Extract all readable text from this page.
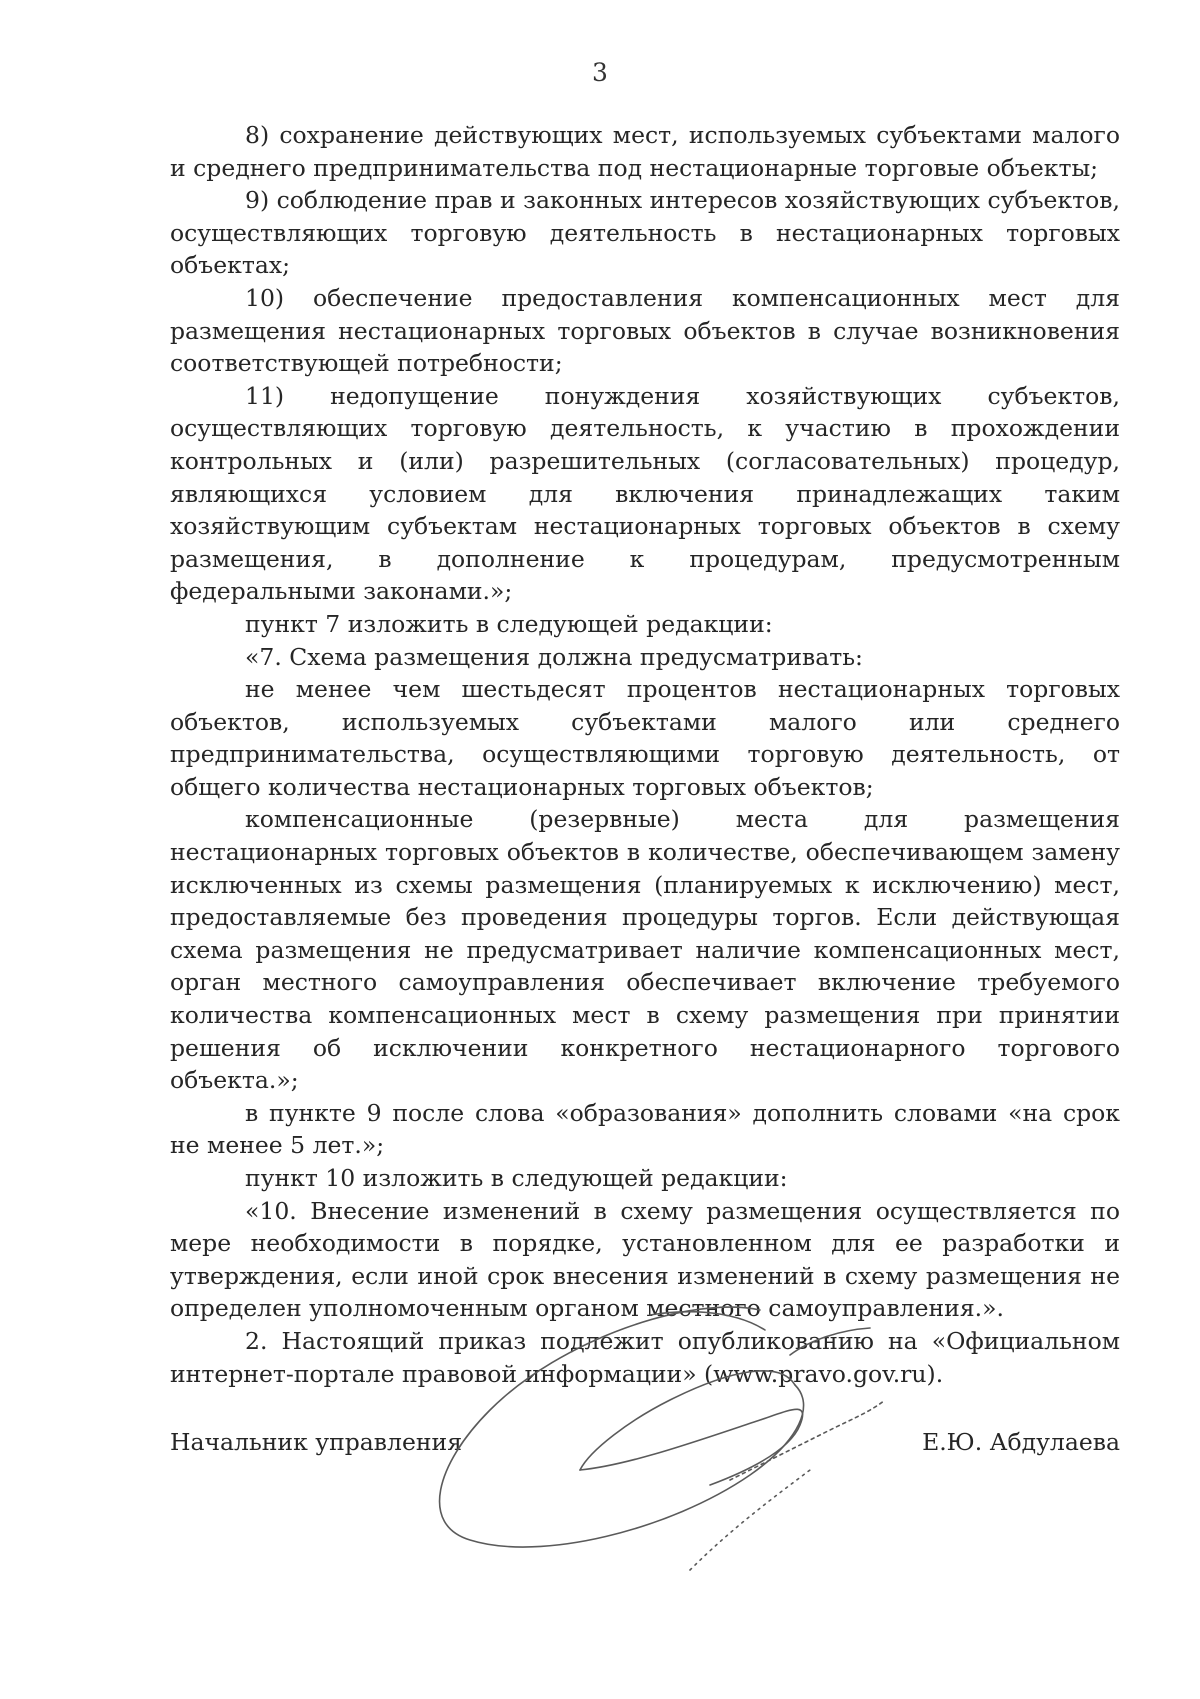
3

8) сохранение действующих мест, используемых субъектами малого и среднего предпринимательства под нестационарные торговые объекты;

9) соблюдение прав и законных интересов хозяйствующих субъектов, осуществляющих торговую деятельность в нестационарных торговых объектах;

10) обеспечение предоставления компенсационных мест для размещения нестационарных торговых объектов в случае возникновения соответствующей потребности;

11) недопущение понуждения хозяйствующих субъектов, осуществляющих торговую деятельность, к участию в прохождении контрольных и (или) разрешительных (согласовательных) процедур, являющихся условием для включения принадлежащих таким хозяйствующим субъектам нестационарных торговых объектов в схему размещения, в дополнение к процедурам, предусмотренным федеральными законами.»;

пункт 7 изложить в следующей редакции:

«7. Схема размещения должна предусматривать:

не менее чем шестьдесят процентов нестационарных торговых объектов, используемых субъектами малого или среднего предпринимательства, осуществляющими торговую деятельность, от общего количества нестационарных торговых объектов;

компенсационные (резервные) места для размещения нестационарных торговых объектов в количестве, обеспечивающем замену исключенных из схемы размещения (планируемых к исключению) мест, предоставляемые без проведения процедуры торгов. Если действующая схема размещения не предусматривает наличие компенсационных мест, орган местного самоуправления обеспечивает включение требуемого количества компенсационных мест в схему размещения при принятии решения об исключении конкретного нестационарного торгового объекта.»;

в пункте 9 после слова «образования» дополнить словами «на срок не менее 5 лет.»;

пункт 10 изложить в следующей редакции:

«10. Внесение изменений в схему размещения осуществляется по мере необходимости в порядке, установленном для ее разработки и утверждения, если иной срок внесения изменений в схему размещения не определен уполномоченным органом местного самоуправления.».

2. Настоящий приказ подлежит опубликованию на «Официальном интернет-портале правовой информации» (www.pravo.gov.ru).

Начальник управления	Е.Ю. Абдулаева
